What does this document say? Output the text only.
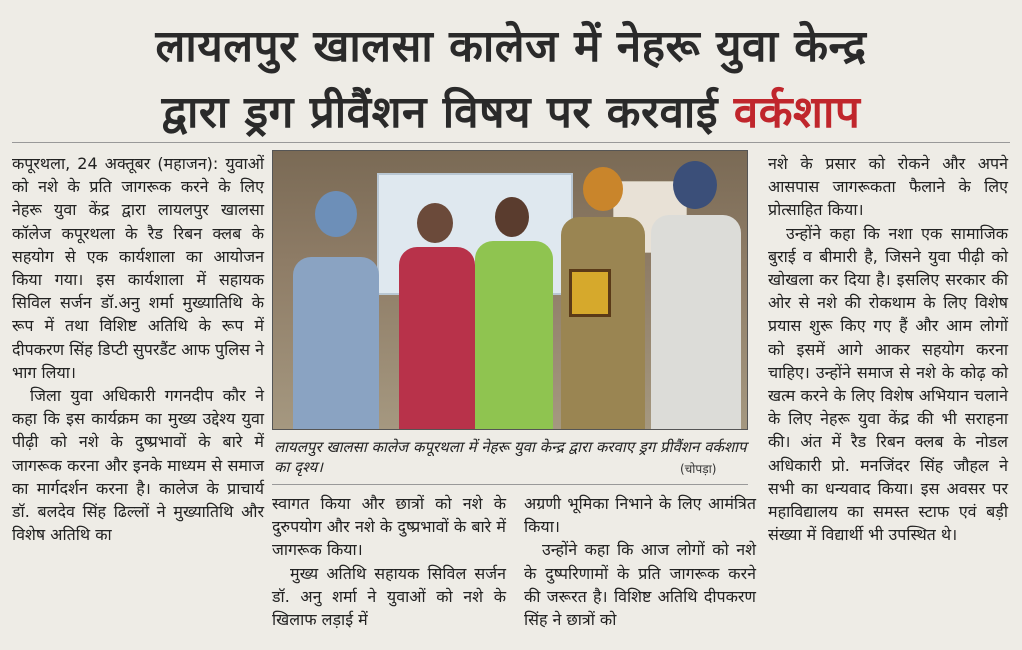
लायलपुर खालसा कालेज में नेहरू युवा केन्द्र
द्वारा ड्रग प्रीवैंशन विषय पर करवाई वर्कशाप

कपूरथला, 24 अक्तूबर (महाजन): युवाओं को नशे के प्रति जागरूक करने के लिए नेहरू युवा केंद्र द्वारा लायलपुर खालसा कॉलेज कपूरथला के रैड रिबन क्लब के सहयोग से एक कार्यशाला का आयोजन किया गया। इस कार्यशाला में सहायक सिविल सर्जन डॉ.अनु शर्मा मुख्यातिथि के रूप में तथा विशिष्ट अतिथि के रूप में दीपकरण सिंह डिप्टी सुपरडैंट आफ पुलिस ने भाग लिया।

जिला युवा अधिकारी गगनदीप कौर ने कहा कि इस कार्यक्रम का मुख्य उद्देश्य युवा पीढ़ी को नशे के दुष्प्रभावों के बारे में जागरूक करना और इनके माध्यम से समाज का मार्गदर्शन करना है। कालेज के प्राचार्य डॉ. बलदेव सिंह ढिल्लों ने मुख्यातिथि और विशेष अतिथि का

लायलपुर खालसा कालेज कपूरथला में नेहरू युवा केन्द्र द्वारा करवाए ड्रग प्रीवैंशन वर्कशाप का दृश्य।	(चोपड़ा)

स्वागत किया और छात्रों को नशे के दुरुपयोग और नशे के दुष्प्रभावों के बारे में जागरूक किया।

मुख्य अतिथि सहायक सिविल सर्जन डॉ. अनु शर्मा ने युवाओं को नशे के खिलाफ लड़ाई में

अग्रणी भूमिका निभाने के लिए आमंत्रित किया।

उन्होंने कहा कि आज लोगों को नशे के दुष्परिणामों के प्रति जागरूक करने की जरूरत है। विशिष्ट अतिथि दीपकरण सिंह ने छात्रों को

नशे के प्रसार को रोकने और अपने आसपास जागरूकता फैलाने के लिए प्रोत्साहित किया।

उन्होंने कहा कि नशा एक सामाजिक बुराई व बीमारी है, जिसने युवा पीढ़ी को खोखला कर दिया है। इसलिए सरकार की ओर से नशे की रोकथाम के लिए विशेष प्रयास शुरू किए गए हैं और आम लोगों को इसमें आगे आकर सहयोग करना चाहिए। उन्होंने समाज से नशे के कोढ़ को खत्म करने के लिए विशेष अभियान चलाने के लिए नेहरू युवा केंद्र की भी सराहना की। अंत में रैड रिबन क्लब के नोडल अधिकारी प्रो. मनजिंदर सिंह जौहल ने सभी का धन्यवाद किया। इस अवसर पर महाविद्यालय का समस्त स्टाफ एवं बड़ी संख्या में विद्यार्थी भी उपस्थित थे।
